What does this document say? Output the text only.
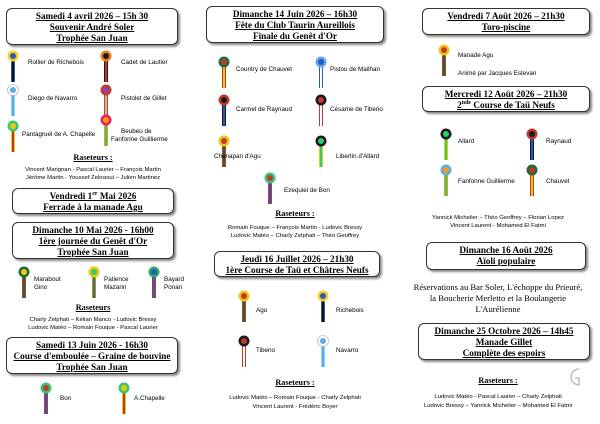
Samedi 4 avril 2026 – 15h 30
Souvenir André Soler
Trophée San Juan
Rollier de Richebois	Cadet de Lautier
Diego de Navarro	Pistolet de Gillet
Pantagruel de A. Chapelle	Beubeu de
Fanfonne Guillierme
Raseteurs :
Vincent Marignan - Pascal Laurier – François Martin
Jérôme Martin - Youssef Zekraoui – Julien Martinez
Vendredi 1er Mai 2026
Ferrade à la manade Agu
Dimanche 10 Mai 2026 - 16h00
1ère journée du Genêt d'Or
Trophée San Juan
Marabout
Gino
Patience
Mazarin
Bayard
Ponan
Raseteurs
Charly Zelphati – Kélian Manco - Ludovic Bressy
Ludovic Matéo – Romain Fouque - Pascal Laurier
Samedi 13 Juin 2026 - 16h30
Course d'emboulée – Graine de bouvine
Trophée San Juan
Bon	A.Chapelle
Dimanche 14 Juin 2026 – 16h30
Fête du Club Taurin Aureillois
Finale du Genêt d'Or
Country de Chauvet	Pistou de Mailhan
Carmel de Raynaud	Césame de Tiberio
Chenapan d'Agu	Libertin d'Allard
Ezequiel de Bon
Raseteurs :
Romain Fouque – François Martin - Ludovic Bressy
Ludovic Matéo – Charly Zelphati – Théo Geoffrey
Jeudi 16 Juillet 2026 – 21h30
1ère Course de Taü et Châtres Neufs
Agu	Richebois
Tiberio	Navarro
Raseteurs :
Ludovic Matéo – Romain Fouque - Charly Zelphati
Vincent Laurent - Frédéric Boyer
Vendredi 7 Août 2026 – 21h30
Toro-piscine
Manade Agu
Animé par Jacques Estevan
Mercredi 12 Août 2026 – 21h30
2nde Course de Taü Neufs
Allard	Raynaud
Fanfonne Guillierme	Chauvet
Yannick Michelier – Théo Geoffrey – Florian Lopez
Vincent Laurent - Mohamed El Fatmi
Dimanche 16 Août 2026
Aïoli populaire
Réservations au Bar Soler, L'échoppe du Prieuré,
la Boucherie Merletto et la Boulangerie
L'Aurélienne
Dimanche 25 Octobre 2026 – 14h45
Manade Gillet
Complète des espoirs
Raseteurs :
Ludovic Matéo - Pascal Laurier – Charly Zelphati
Ludovic Bressy – Yannick Michelier – Mohamed El Fatmi
